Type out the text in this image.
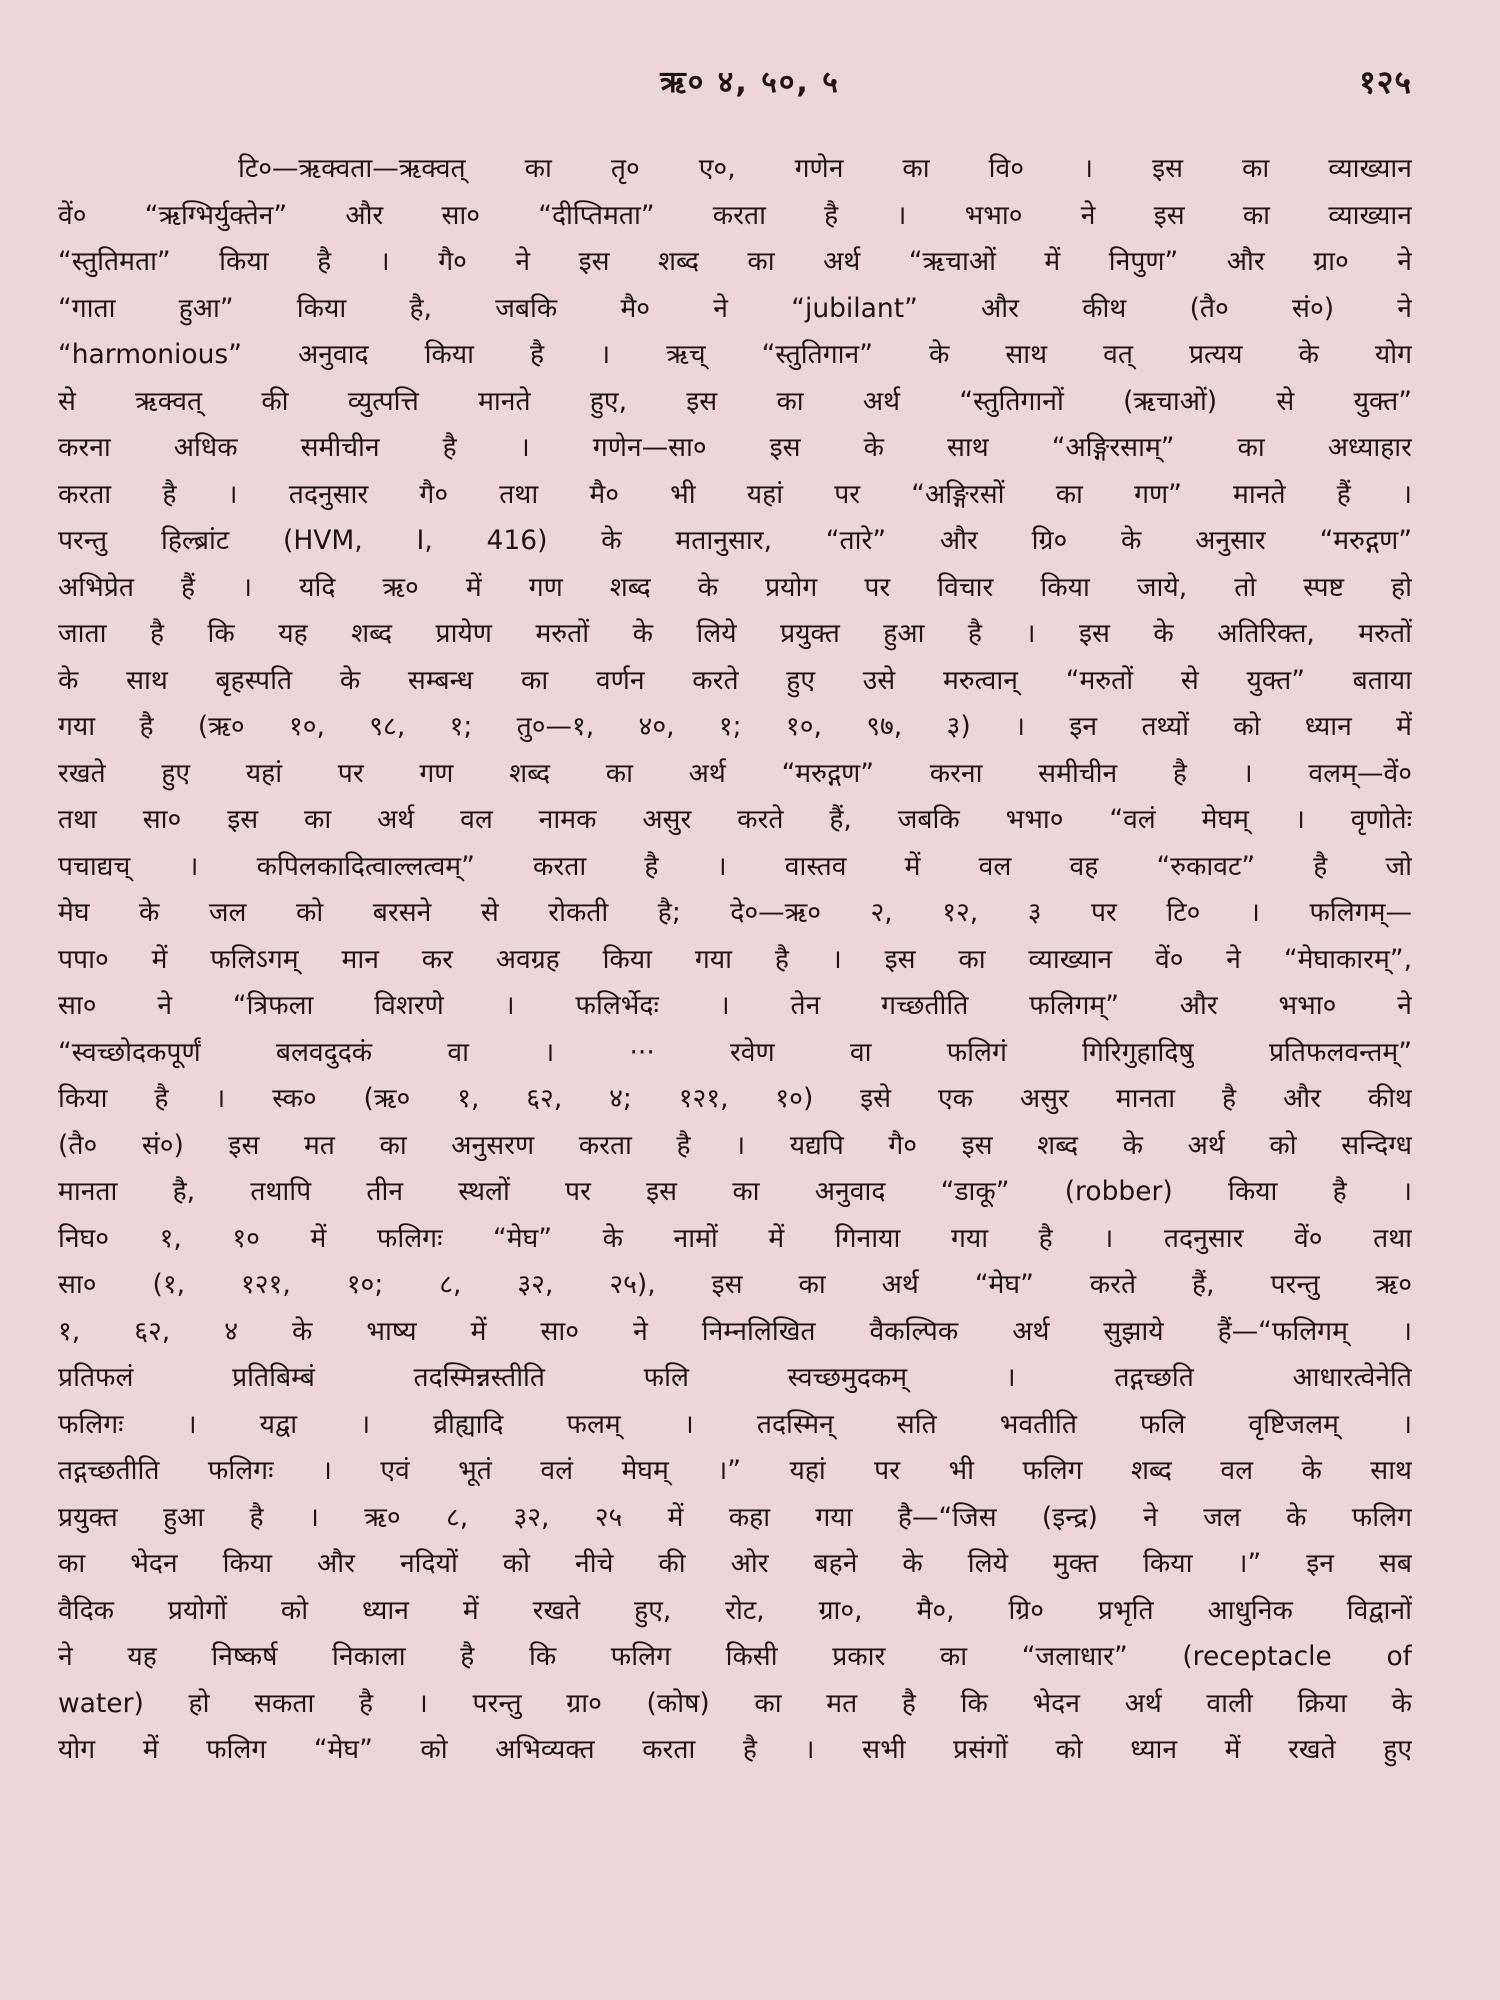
ऋ० ४, ५०, ५	१२५
टि०—ऋक्वता—ऋक्वत् का तृ० ए०, गणेन का वि० । इस का व्याख्यान
वें० “ऋग्भिर्युक्तेन” और सा० “दीप्तिमता” करता है । भभा० ने इस का व्याख्यान
“स्तुतिमता” किया है । गै० ने इस शब्द का अर्थ “ऋचाओं में निपुण” और ग्रा० ने
“गाता हुआ” किया है, जबकि मै० ने “jubilant” और कीथ (तै० सं०) ने
“harmonious” अनुवाद किया है । ऋच् “स्तुतिगान” के साथ वत् प्रत्यय के योग
से ऋक्वत् की व्युत्पत्ति मानते हुए, इस का अर्थ “स्तुतिगानों (ऋचाओं) से युक्त”
करना अधिक समीचीन है । गणेन—सा० इस के साथ “अङ्गिरसाम्” का अध्याहार
करता है । तदनुसार गै० तथा मै० भी यहां पर “अङ्गिरसों का गण” मानते हैं ।
परन्तु हिल्ब्रांट (HVM, I, 416) के मतानुसार, “तारे” और ग्रि० के अनुसार “मरुद्गण”
अभिप्रेत हैं । यदि ऋ० में गण शब्द के प्रयोग पर विचार किया जाये, तो स्पष्ट हो
जाता है कि यह शब्द प्रायेण मरुतों के लिये प्रयुक्त हुआ है । इस के अतिरिक्त, मरुतों
के साथ बृहस्पति के सम्बन्ध का वर्णन करते हुए उसे मरुत्वान् “मरुतों से युक्त” बताया
गया है (ऋ० १०, ९८, १; तु०—१, ४०, १; १०, ९७, ३) । इन तथ्यों को ध्यान में
रखते हुए यहां पर गण शब्द का अर्थ “मरुद्गण” करना समीचीन है । वलम्—वें०
तथा सा० इस का अर्थ वल नामक असुर करते हैं, जबकि भभा० “वलं मेघम् । वृणोतेः
पचाद्यच् । कपिलकादित्वाल्लत्वम्” करता है । वास्तव में वल वह “रुकावट” है जो
मेघ के जल को बरसने से रोकती है; दे०—ऋ० २, १२, ३ पर टि० । फलिगम्—
पपा० में फलिऽगम् मान कर अवग्रह किया गया है । इस का व्याख्यान वें० ने “मेघाकारम्”,
सा० ने “त्रिफला विशरणे । फलिर्भेदः । तेन गच्छतीति फलिगम्” और भभा० ने
“स्वच्छोदकपूर्णं बलवदुदकं वा । ··· रवेण वा फलिगं गिरिगुहादिषु प्रतिफलवन्तम्”
किया है । स्क० (ऋ० १, ६२, ४; १२१, १०) इसे एक असुर मानता है और कीथ
(तै० सं०) इस मत का अनुसरण करता है । यद्यपि गै० इस शब्द के अर्थ को सन्दिग्ध
मानता है, तथापि तीन स्थलों पर इस का अनुवाद “डाकू” (robber) किया है ।
निघ० १, १० में फलिगः “मेघ” के नामों में गिनाया गया है । तदनुसार वें० तथा
सा० (१, १२१, १०; ८, ३२, २५), इस का अर्थ “मेघ” करते हैं, परन्तु ऋ०
१, ६२, ४ के भाष्य में सा० ने निम्नलिखित वैकल्पिक अर्थ सुझाये हैं—“फलिगम् ।
प्रतिफलं प्रतिबिम्बं तदस्मिन्नस्तीति फलि स्वच्छमुदकम् । तद्गच्छति आधारत्वेनेति
फलिगः । यद्वा । व्रीह्यादि फलम् । तदस्मिन् सति भवतीति फलि वृष्टिजलम् ।
तद्गच्छतीति फलिगः । एवं भूतं वलं मेघम् ।” यहां पर भी फलिग शब्द वल के साथ
प्रयुक्त हुआ है । ऋ० ८, ३२, २५ में कहा गया है—“जिस (इन्द्र) ने जल के फलिग
का भेदन किया और नदियों को नीचे की ओर बहने के लिये मुक्त किया ।” इन सब
वैदिक प्रयोगों को ध्यान में रखते हुए, रोट, ग्रा०, मै०, ग्रि० प्रभृति आधुनिक विद्वानों
ने यह निष्कर्ष निकाला है कि फलिग किसी प्रकार का “जलाधार” (receptacle of
water) हो सकता है । परन्तु ग्रा० (कोष) का मत है कि भेदन अर्थ वाली क्रिया के
योग में फलिग “मेघ” को अभिव्यक्त करता है । सभी प्रसंगों को ध्यान में रखते हुए
